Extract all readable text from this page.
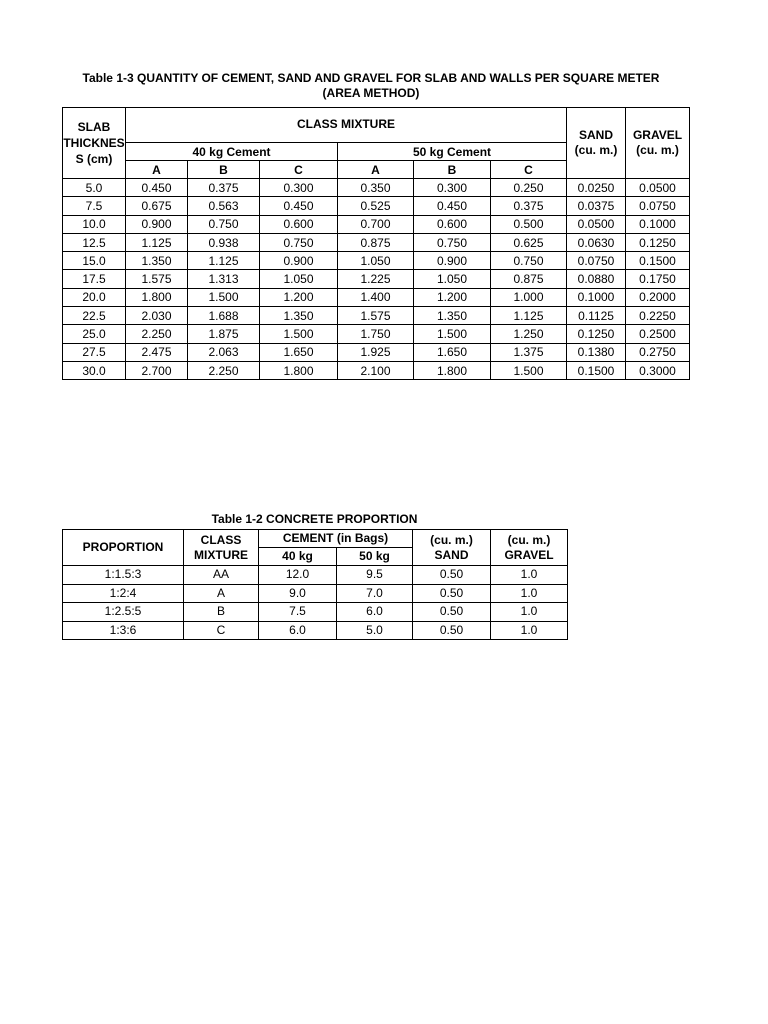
Table 1-3 QUANTITY OF CEMENT, SAND AND GRAVEL FOR SLAB AND WALLS PER SQUARE METER (AREA METHOD)
SLAB THICKNES S (cm)	CLASS MIXTURE						SAND (cu. m.)	GRAVEL (cu. m.)
	40 kg Cement			50 kg Cement				
	A	B	C	A	B	C		
5.0	0.450	0.375	0.300	0.350	0.300	0.250	0.0250	0.0500
7.5	0.675	0.563	0.450	0.525	0.450	0.375	0.0375	0.0750
10.0	0.900	0.750	0.600	0.700	0.600	0.500	0.0500	0.1000
12.5	1.125	0.938	0.750	0.875	0.750	0.625	0.0630	0.1250
15.0	1.350	1.125	0.900	1.050	0.900	0.750	0.0750	0.1500
17.5	1.575	1.313	1.050	1.225	1.050	0.875	0.0880	0.1750
20.0	1.800	1.500	1.200	1.400	1.200	1.000	0.1000	0.2000
22.5	2.030	1.688	1.350	1.575	1.350	1.125	0.1125	0.2250
25.0	2.250	1.875	1.500	1.750	1.500	1.250	0.1250	0.2500
27.5	2.475	2.063	1.650	1.925	1.650	1.375	0.1380	0.2750
30.0	2.700	2.250	1.800	2.100	1.800	1.500	0.1500	0.3000
Table 1-2 CONCRETE PROPORTION
PROPORTION	CLASS MIXTURE	CEMENT (in Bags)		(cu. m.) SAND	(cu. m.) GRAVEL
		40 kg	50 kg		
1:1.5:3	AA	12.0	9.5	0.50	1.0
1:2:4	A	9.0	7.0	0.50	1.0
1:2.5:5	B	7.5	6.0	0.50	1.0
1:3:6	C	6.0	5.0	0.50	1.0
